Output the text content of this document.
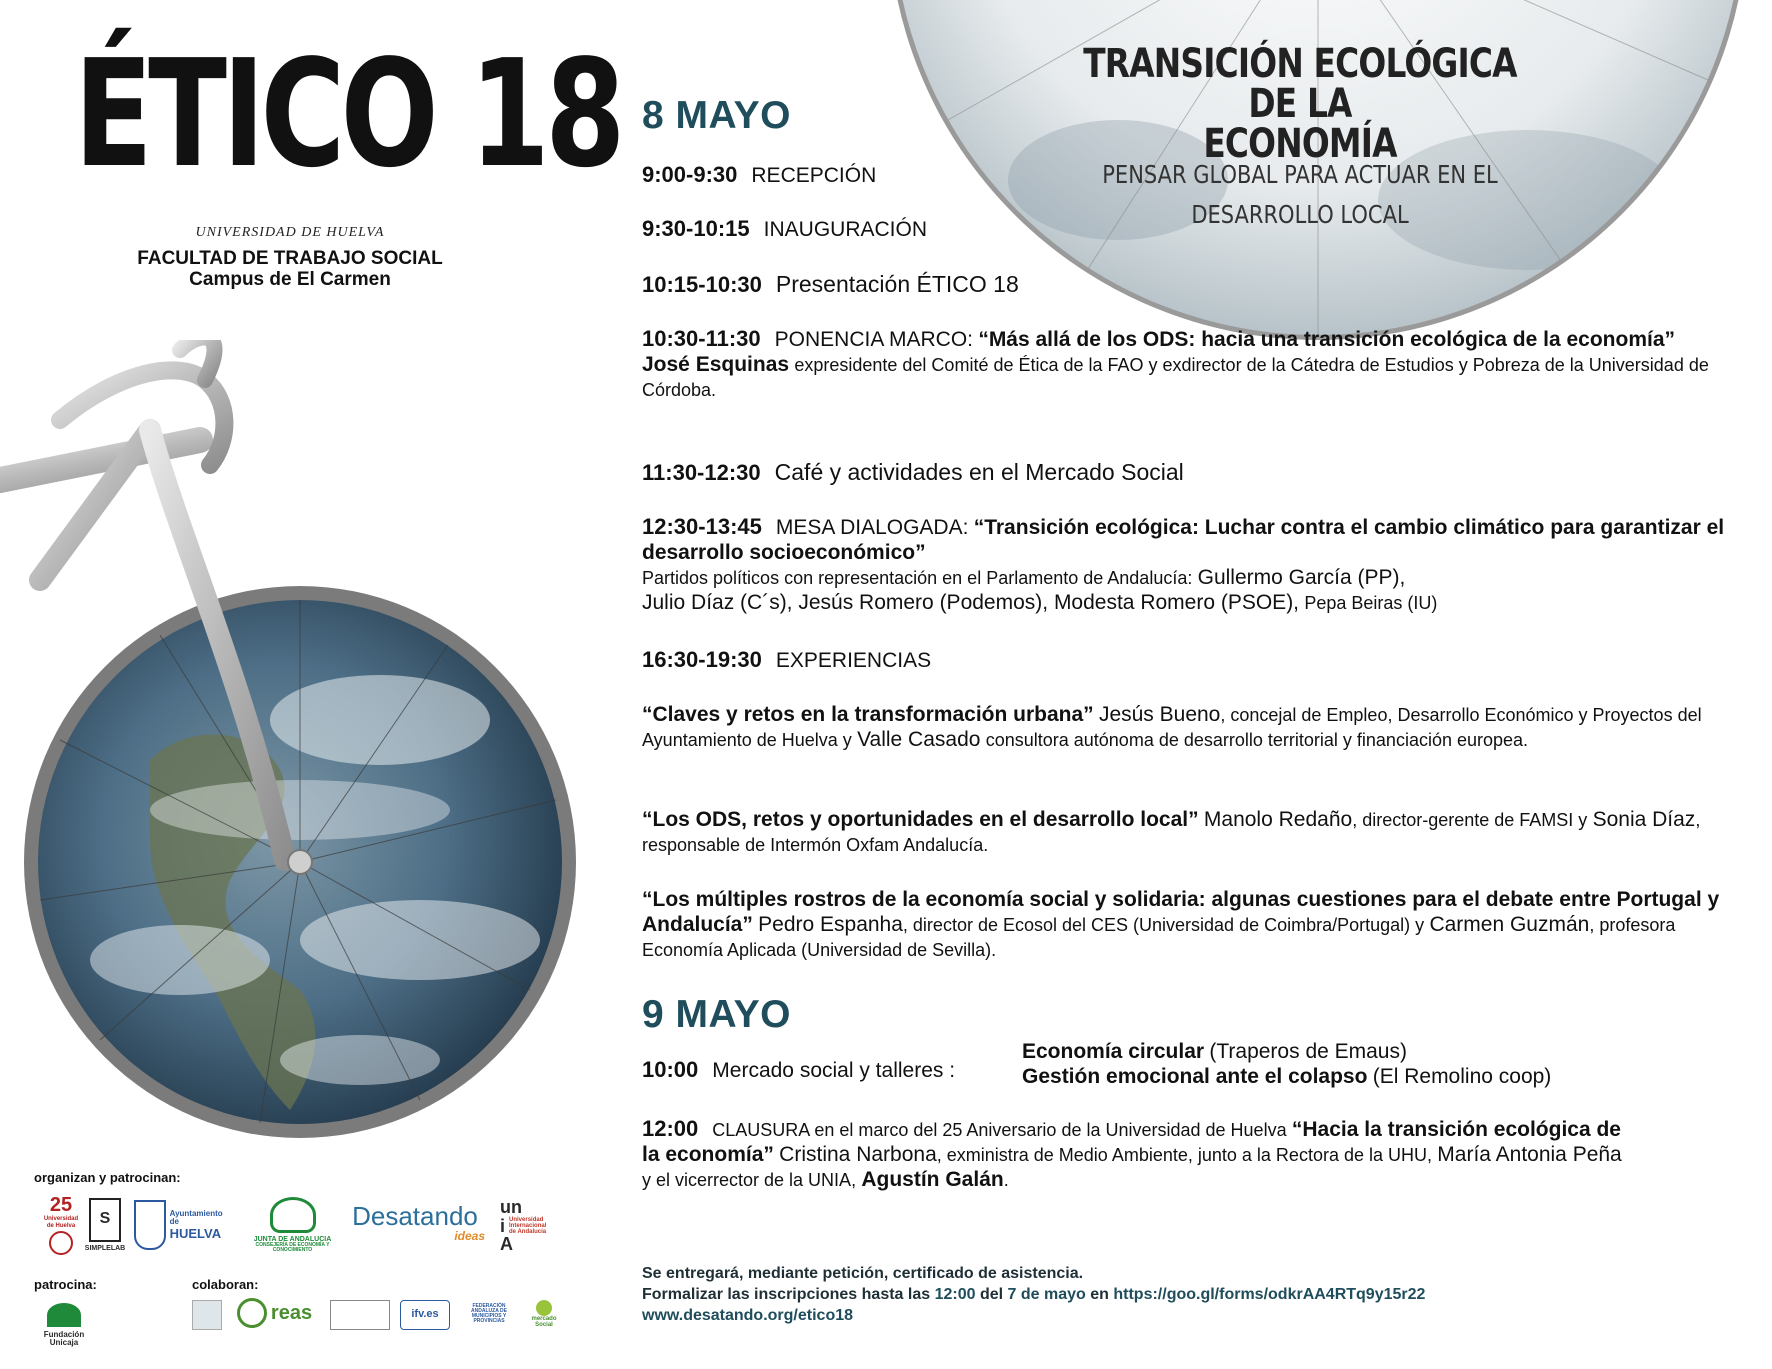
ÉTICO 18
UNIVERSIDAD DE HUELVA
FACULTAD DE TRABAJO SOCIAL
Campus de El Carmen
organizan y patrocinan:
25
Universidad de Huelva	S
SIMPLELAB
Ayuntamiento de
HUELVA	JUNTA DE ANDALUCIA
CONSEJERÍA DE ECONOMÍA Y CONOCIMIENTO
Desatando
ideas
un
i Universidad Internacional de Andalucía
A
patrocina:	colaboran:
Fundación Unicaja
reas	ifv.es
FEDERACIÓN ANDALUZA DE MUNICIPIOS Y PROVINCIAS	mercado Social
TRANSICIÓN ECOLÓGICA DE LA
ECONOMÍA
PENSAR GLOBAL PARA ACTUAR EN EL
DESARROLLO LOCAL
8 MAYO
9:00-9:30 RECEPCIÓN
9:30-10:15 INAUGURACIÓN
10:15-10:30 Presentación ÉTICO 18
10:30-11:30 PONENCIA MARCO: “Más allá de los ODS: hacia una transición ecológica de la economía”
José Esquinas expresidente del Comité de Ética de la FAO y exdirector de la Cátedra de Estudios y Pobreza de la Universidad de Córdoba.
11:30-12:30 Café y actividades en el Mercado Social
12:30-13:45 MESA DIALOGADA: “Transición ecológica: Luchar contra el cambio climático para garantizar el desarrollo socioeconómico”
Partidos políticos con representación en el Parlamento de Andalucía: Gullermo García (PP),
Julio Díaz (C´s), Jesús Romero (Podemos), Modesta Romero (PSOE), Pepa Beiras (IU)
16:30-19:30 EXPERIENCIAS
“Claves y retos en la transformación urbana” Jesús Bueno, concejal de Empleo, Desarrollo Económico y Proyectos del Ayuntamiento de Huelva y Valle Casado consultora autónoma de desarrollo territorial y financiación europea.
“Los ODS, retos y oportunidades en el desarrollo local” Manolo Redaño, director-gerente de FAMSI y Sonia Díaz, responsable de Intermón Oxfam Andalucía.
“Los múltiples rostros de la economía social y solidaria: algunas cuestiones para el debate entre Portugal y Andalucía” Pedro Espanha, director de Ecosol del CES (Universidad de Coimbra/Portugal) y Carmen Guzmán, profesora Economía Aplicada (Universidad de Sevilla).
9 MAYO
10:00 Mercado social y talleres :
Economía circular (Traperos de Emaus)
Gestión emocional ante el colapso (El Remolino coop)
12:00 CLAUSURA en el marco del 25 Aniversario de la Universidad de Huelva “Hacia la transición ecológica de la economía” Cristina Narbona, exministra de Medio Ambiente, junto a la Rectora de la UHU, María Antonia Peña y el vicerrector de la UNIA, Agustín Galán.
Se entregará, mediante petición, certificado de asistencia.
Formalizar las inscripciones hasta las 12:00 del 7 de mayo en https://goo.gl/forms/odkrAA4RTq9y15r22
www.desatando.org/etico18
